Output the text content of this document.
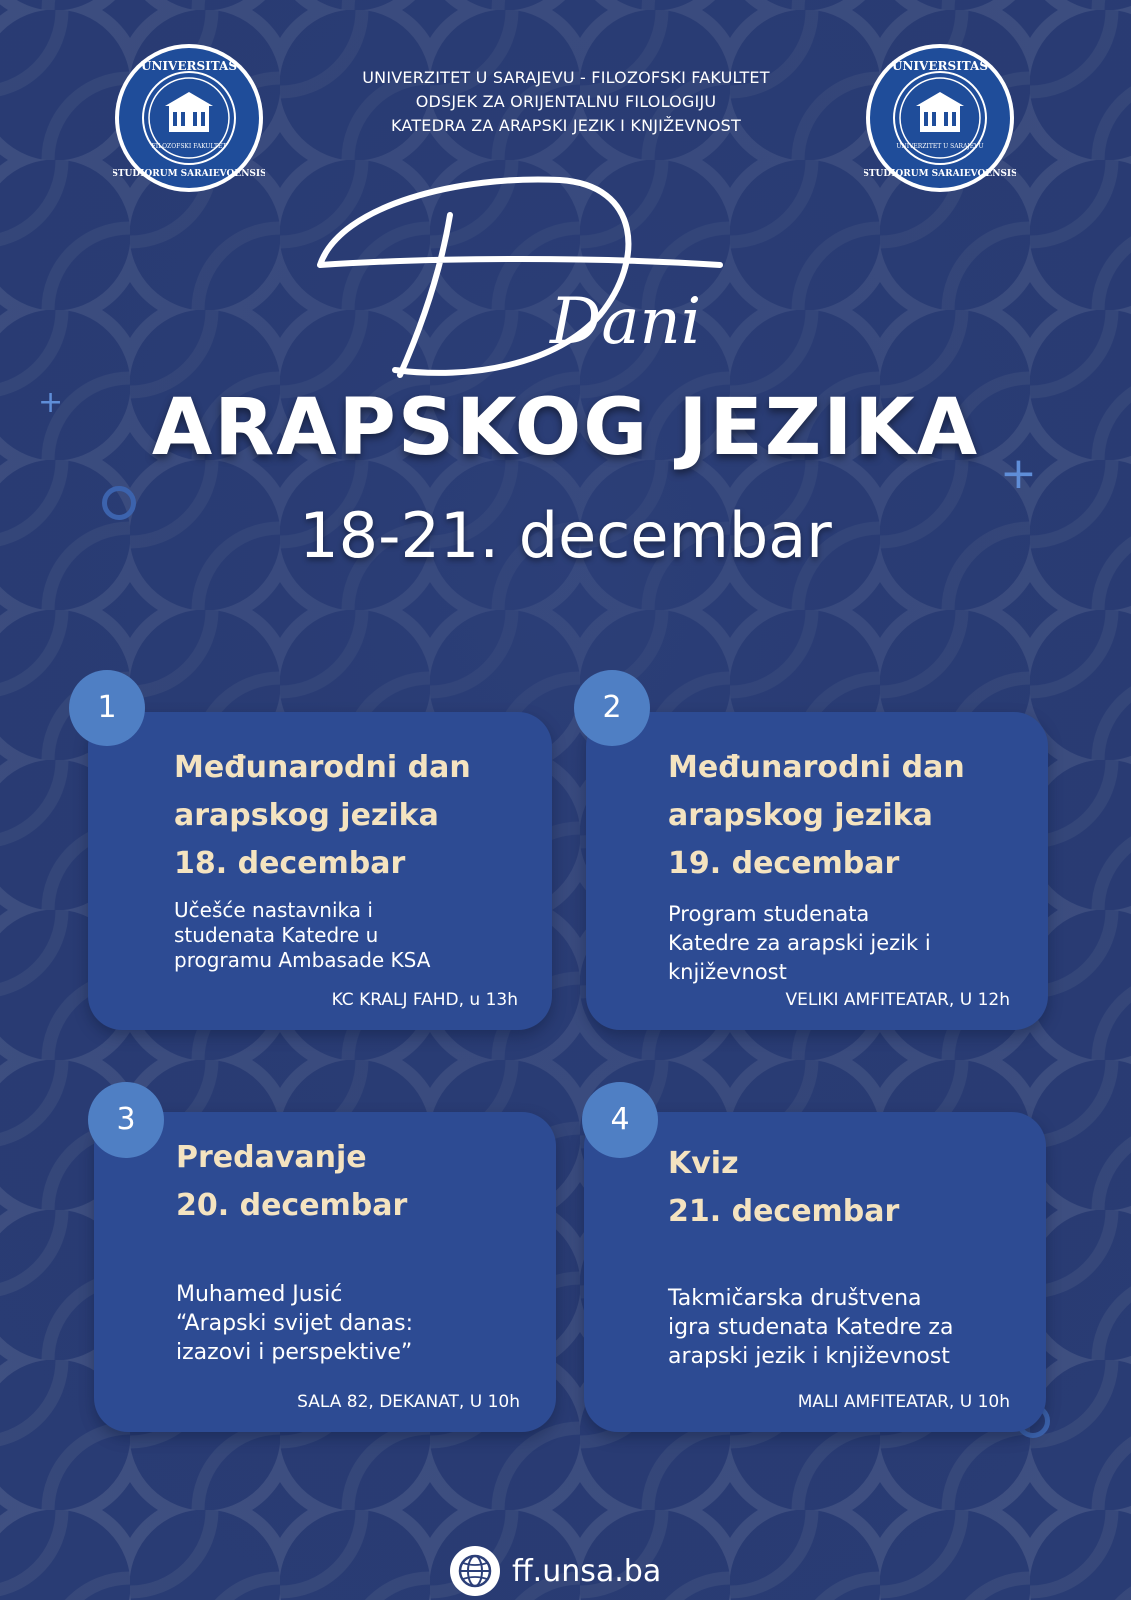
UNIVERSITAS
STUDIORUM SARAIEVOENSIS
FILOZOFSKI FAKULTET
UNIVERSITAS
STUDIORUM SARAIEVOENSIS
UNIVERZITET U SARAJEVU
UNIVERZITET U SARAJEVU - FILOZOFSKI FAKULTET
ODSJEK ZA ORIJENTALNU FILOLOGIJU
KATEDRA ZA ARAPSKI JEZIK I KNJIŽEVNOST
Dani
ARAPSKOG JEZIKA
18-21. decembar
+
+
Međunarodni dan
arapskog jezika
18. decembar
Učešće nastavnika i
studenata Katedre u
programu Ambasade KSA
KC KRALJ FAHD, u 13h
1
Međunarodni dan
arapskog jezika
19. decembar
Program studenata
Katedre za arapski jezik i
književnost
VELIKI AMFITEATAR, U 12h
2
Predavanje
20. decembar
Muhamed Jusić
“Arapski svijet danas:
izazovi i perspektive”
SALA 82, DEKANAT, U 10h
3
Kviz
21. decembar
Takmičarska društvena
igra studenata Katedre za
arapski jezik i književnost
MALI AMFITEATAR, U 10h
4
ff.unsa.ba
